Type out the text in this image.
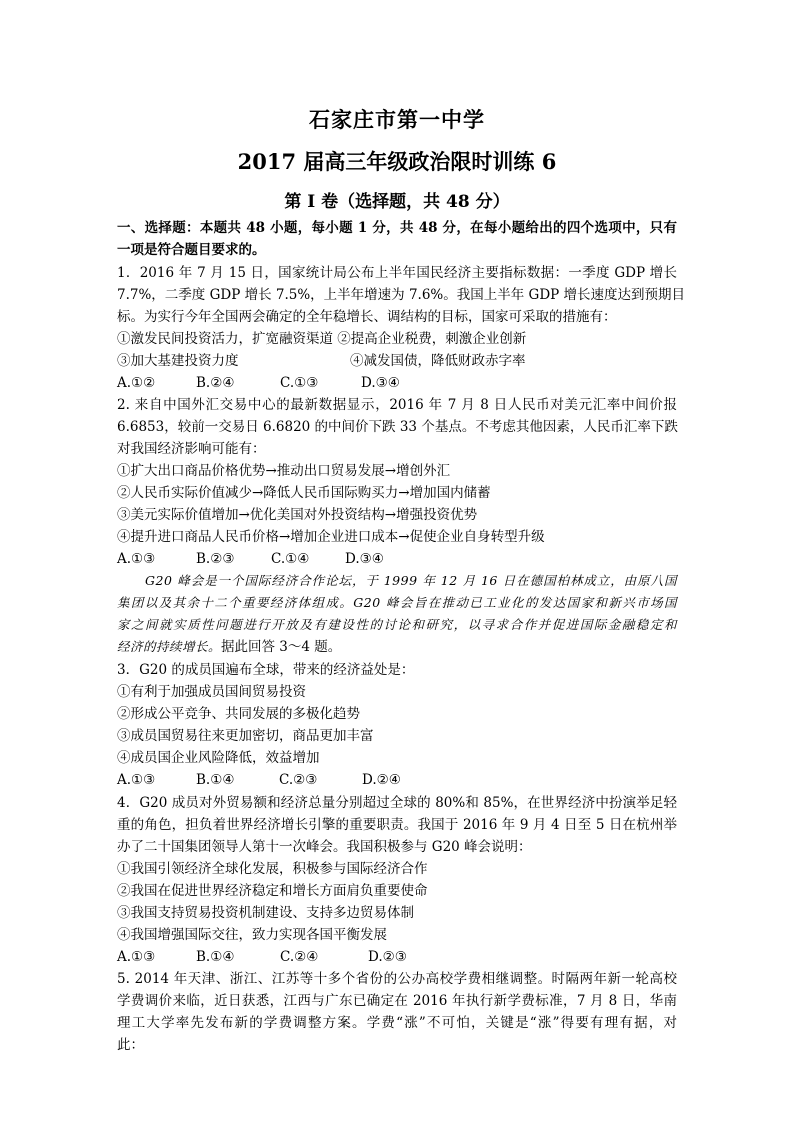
石家庄市第一中学
2017 届高三年级政治限时训练 6
第 I 卷（选择题，共 48 分）
一、选择题：本题共 48 小题，每小题 1 分，共 48 分，在每小题给出的四个选项中，只有
一项是符合题目要求的。
1．2016 年 7 月 15 日，国家统计局公布上半年国民经济主要指标数据：一季度 GDP 增长
7.7%，二季度 GDP 增长 7.5%，上半年增速为 7.6%。我国上半年 GDP 增长速度达到预期目
标。为实行今年全国两会确定的全年稳增长、调结构的目标，国家可采取的措施有：
①激发民间投资活力，扩宽融资渠道 ②提高企业税费，刺激企业创新
③加大基建投资力度	④减发国债，降低财政赤字率
A.①②	B.②④	C.①③	D.③④
2. 来自中国外汇交易中心的最新数据显示，2016 年 7 月 8 日人民币对美元汇率中间价报
6.6853，较前一交易日 6.6820 的中间价下跌 33 个基点。不考虑其他因素，人民币汇率下跌
对我国经济影响可能有：
①扩大出口商品价格优势→推动出口贸易发展→增创外汇
②人民币实际价值减少→降低人民币国际购买力→增加国内储蓄
③美元实际价值增加→优化美国对外投资结构→增强投资优势
④提升进口商品人民币价格→增加企业进口成本→促使企业自身转型升级
A.①③	B.②③	C.①④	D.③④
G20 峰会是一个国际经济合作论坛，于 1999 年 12 月 16 日在德国柏林成立，由原八国
集团以及其余十二个重要经济体组成。G20 峰会旨在推动已工业化的发达国家和新兴市场国
家之间就实质性问题进行开放及有建设性的讨论和研究，以寻求合作并促进国际金融稳定和
经济的持续增长。据此回答 3～4 题。
3．G20 的成员国遍布全球，带来的经济益处是：
①有利于加强成员国间贸易投资
②形成公平竞争、共同发展的多极化趋势
③成员国贸易往来更加密切，商品更加丰富
④成员国企业风险降低，效益增加
A.①③	B.①④	C.②③	D.②④
4．G20 成员对外贸易额和经济总量分别超过全球的 80%和 85%，在世界经济中扮演举足轻
重的角色，担负着世界经济增长引擎的重要职责。我国于 2016 年 9 月 4 日至 5 日在杭州举
办了二十国集团领导人第十一次峰会。我国积极参与 G20 峰会说明：
①我国引领经济全球化发展，积极参与国际经济合作
②我国在促进世界经济稳定和增长方面肩负重要使命
③我国支持贸易投资机制建设、支持多边贸易体制
④我国增强国际交往，致力实现各国平衡发展
A.①③	B.①④	C.②④	D.②③
5. 2014 年天津、浙江、江苏等十多个省份的公办高校学费相继调整。时隔两年新一轮高校
学费调价来临，近日获悉，江西与广东已确定在 2016 年执行新学费标准，7 月 8 日，华南
理工大学率先发布新的学费调整方案。学费“涨”不可怕，关键是“涨”得要有理有据，对
此：
